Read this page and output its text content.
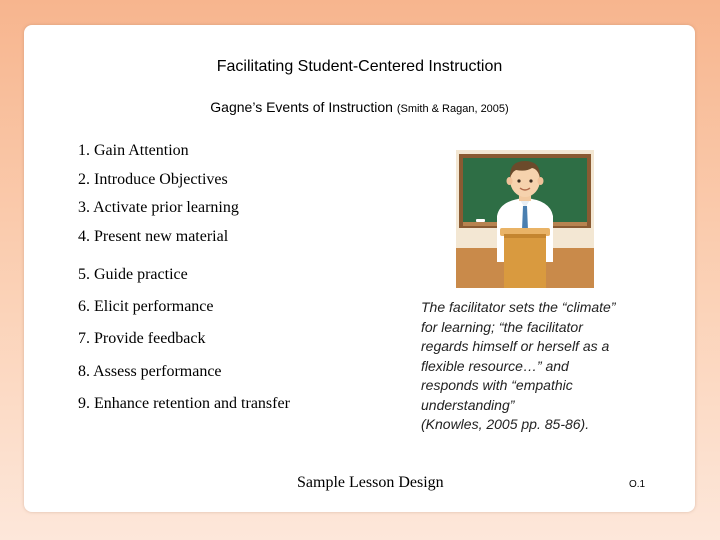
Facilitating Student-Centered Instruction
Gagne’s Events of Instruction (Smith & Ragan, 2005)
1. Gain Attention
2. Introduce Objectives
3. Activate prior learning
4. Present new material
5. Guide practice
6. Elicit performance
7. Provide feedback
8. Assess performance
9. Enhance retention and transfer
The facilitator sets the “climate”
for learning; “the facilitator
regards himself or herself as a
flexible resource…” and
responds with “empathic
understanding”
(Knowles, 2005 pp. 85-86).
Sample Lesson Design	O.1
